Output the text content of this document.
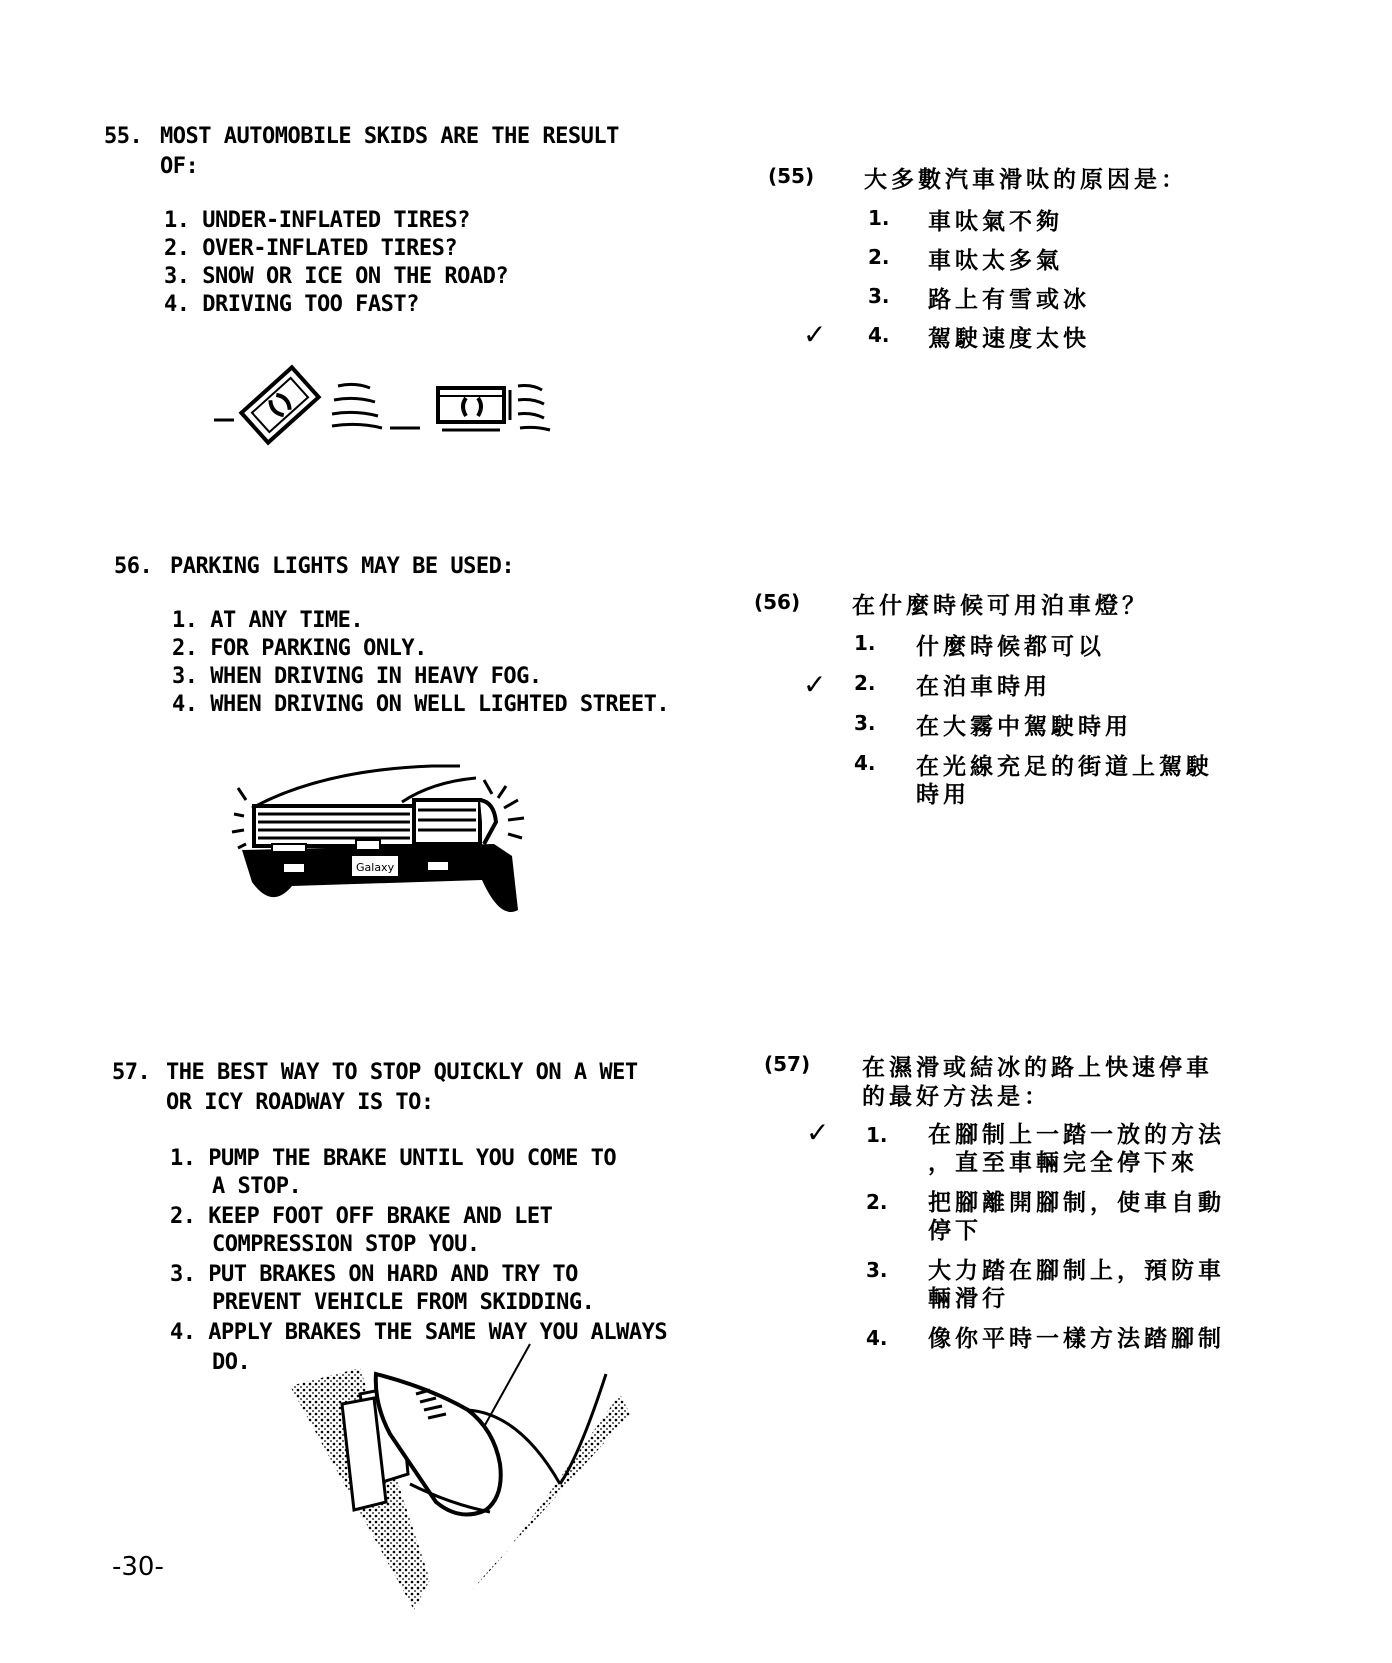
55. MOST AUTOMOBILE SKIDS ARE THE RESULT
OF:
1. UNDER-INFLATED TIRES?
2. OVER-INFLATED TIRES?
3. SNOW OR ICE ON THE ROAD?
4. DRIVING TOO FAST?
(55) 大多數汽車滑呔的原因是：
1. 車呔氣不夠
2. 車呔太多氣
3. 路上有雪或冰
✓ 4. 駕駛速度太快
56. PARKING LIGHTS MAY BE USED:
1. AT ANY TIME.
2. FOR PARKING ONLY.
3. WHEN DRIVING IN HEAVY FOG.
4. WHEN DRIVING ON WELL LIGHTED STREET.
(56) 在什麼時候可用泊車燈？
1. 什麼時候都可以
✓ 2. 在泊車時用
3. 在大霧中駕駛時用
4. 在光線充足的街道上駕駛
時用
Galaxy
57. THE BEST WAY TO STOP QUICKLY ON A WET
OR ICY ROADWAY IS TO:
1. PUMP THE BRAKE UNTIL YOU COME TO
A STOP.
2. KEEP FOOT OFF BRAKE AND LET
COMPRESSION STOP YOU.
3. PUT BRAKES ON HARD AND TRY TO
PREVENT VEHICLE FROM SKIDDING.
4. APPLY BRAKES THE SAME WAY YOU ALWAYS
DO.
(57) 在濕滑或結冰的路上快速停車
的最好方法是：
✓ 1. 在腳制上一踏一放的方法
，直至車輛完全停下來
2. 把腳離開腳制，使車自動
停下
3. 大力踏在腳制上，預防車
輛滑行
4. 像你平時一樣方法踏腳制
-30-
